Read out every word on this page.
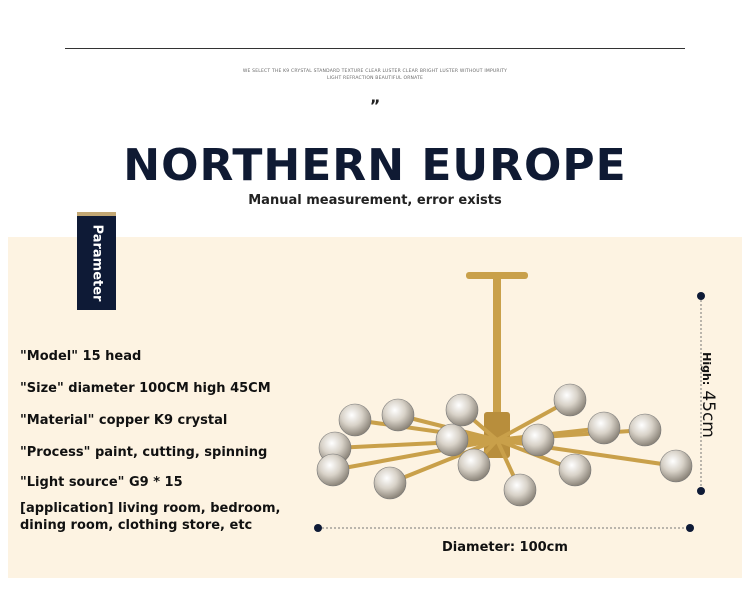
WE SELECT THE K9 CRYSTAL STANDARD TEXTURE CLEAR LUSTER CLEAR BRIGHT LUSTER WITHOUT IMPURITY
LIGHT REFRACTION BEAUTIFUL ORNATE
”
NORTHERN EUROPE
Manual measurement, error exists
Parameter
"Model" 15 head
"Size" diameter 100CM high 45CM
"Material" copper K9 crystal
"Process" paint, cutting, spinning
"Light source" G9 * 15
[application] living room, bedroom, dining room, clothing store, etc
High: 45cm
Diameter: 100cm
